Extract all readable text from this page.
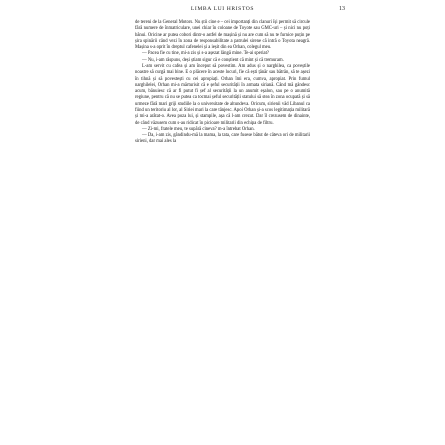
LIMBA LUI HRISTOS	13

de tereni de la General Motors. Nu știi cine e – cei importanți din clanuri își permit să circule fără numere de înmatriculare, unei chiar în coloane de Toyote sau GMC-uri – și nici nu poți bănui. Oricine ar putea cobori dintr-o astfel de mașină și nu are cum să nu te furnice puțin pe șira spinării când vezi în zona de responsabilitate a patrulei sirene că intră o Toyota neagră. Mașina s-a oprit în dreptul cafenelei și a ieșit din ea Orhan, colegul meu.

— Pacea fie cu tine, mi-a zis și s-a așezat lângă mine. Te-ai speriat?

— Nu, i-am răspuns, deși știam sigur că e conștient că mint și că tremuram.

L-am servit cu cafea și am început să povestim. Am adus și o narghilea, ca poveștile noastre să curgă mai bine. E o plăcere în aceste locuri, fie că ești țânăr sau bătrân, să te așezi în tihnă și să povestești cu cei apropiați. Orhan îmi era, cumva, apropiat. Prin fumul narghilelei, Orhan mi-a mărturisit că e șeful securității în armata siriană. Când mă gândesc acum, bănuiesc că ar fi putut fi șef al securității la un anumit eșalon, sau pe o anumită regiune, pentru că nu se putea ca tocmai șeful securității statului să stea în zona ocupată și să urmeze fără mari griji studiile la o universitate de altundeva. Oricum, sirienii văd Libanul ca fiind un teritoriu al lor, al Siriei mari la care tânjesc. Apoi Orhan și-a scos legitimația militară și mi-a arătat-o. Avea poza lui, și stampile, așa că l-am crezut. Dar îl crezusem de dinainte, de când văzusem cum s-au ridicat în picioare militarii din echipa de filtru.

— Zi-mi, fratele meu, te supără cineva? m-a întrebat Orhan.

— Da, i-am zis, gândindu-mă la mama, la tata, care fusese bătut de câteva ori de militarii sirieni, dar mai ales la
